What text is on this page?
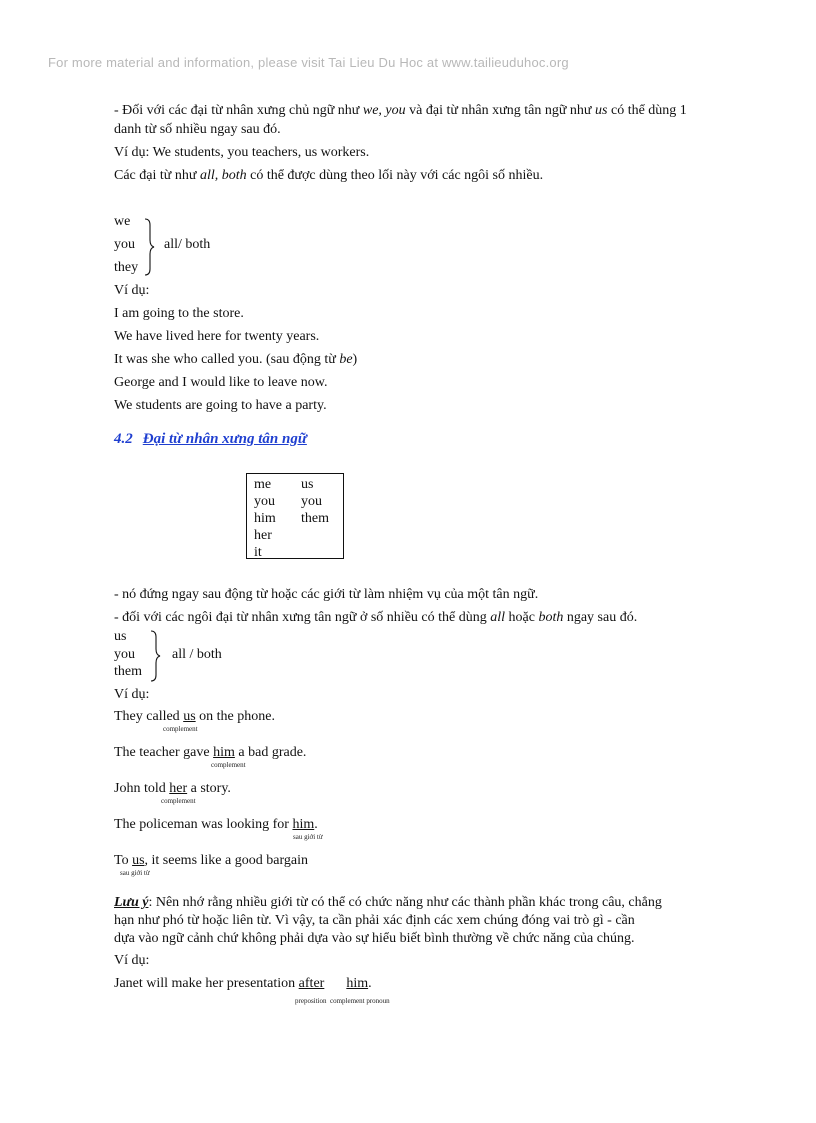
For more material and information, please visit Tai Lieu Du Hoc at www.tailieuduhoc.org
- Đối với các đại từ nhân xưng chủ ngữ như we, you và đại từ nhân xưng tân ngữ như us có thể dùng 1
danh từ số nhiều ngay sau đó.
Ví dụ: We students, you teachers, us workers.
Các đại từ như all, both có thể được dùng theo lối này với các ngôi số nhiều.
we
you
they
all/ both
Ví dụ:
I am going to the store.
We have lived here for twenty years.
It was she who called you. (sau động từ be)
George and I would like to leave now.
We students are going to have a party.
4.2 Đại từ nhân xưng tân ngữ
me us
you you
him them
her
it
- nó đứng ngay sau động từ hoặc các giới từ làm nhiệm vụ của một tân ngữ.
- đối với các ngôi đại từ nhân xưng tân ngữ ở số nhiều có thể dùng all hoặc both ngay sau đó.
us
you
them
all / both
Ví dụ:
They called us on the phone.
complement
The teacher gave him a bad grade.
complement
John told her a story.
complement
The policeman was looking for him.
sau giới từ
To us, it seems like a good bargain
sau giới từ
Lưu ý: Nên nhớ rằng nhiều giới từ có thể có chức năng như các thành phần khác trong câu, chẳng
hạn như phó từ hoặc liên từ. Vì vậy, ta cần phải xác định các xem chúng đóng vai trò gì - cần
dựa vào ngữ cảnh chứ không phải dựa vào sự hiểu biết bình thường về chức năng của chúng.
Ví dụ:
Janet will make her presentation after him.
preposition  complement pronoun
